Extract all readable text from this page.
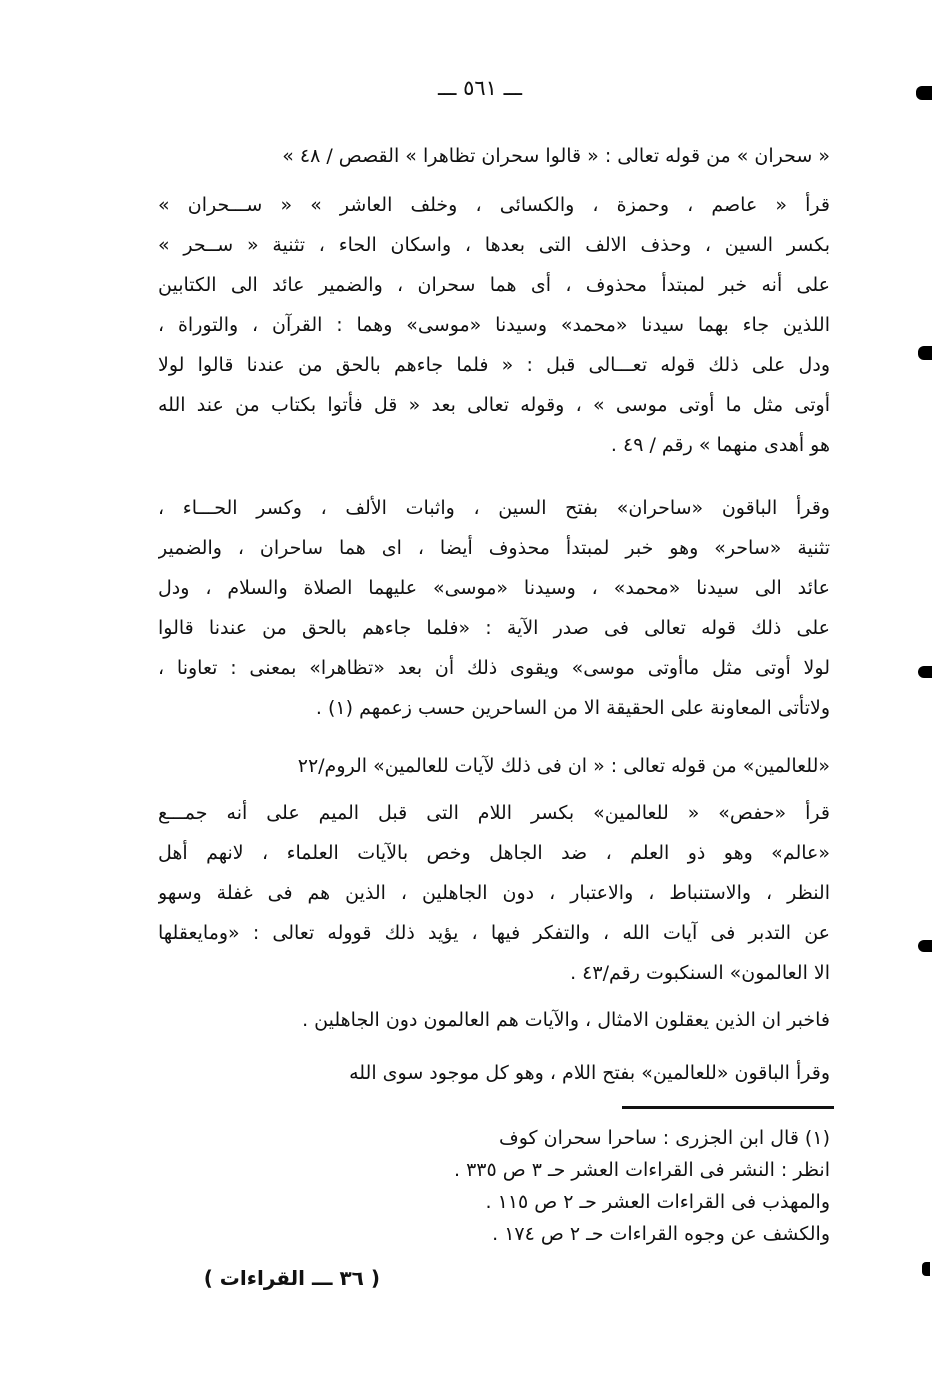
ـــ ٥٦١ ـــ
« سحران » من قوله تعالى : « قالوا سحران تظاهرا » القصص / ٤٨ »
قرأ « عاصم ، وحمزة ، والكسائى ، وخلف العاشر » « ســـحران »
بكسر السين ، وحذف الالف التى بعدها ، واسكان الحاء ، تثنية « ســحر »
على أنه خبر لمبتدأ محذوف ، أى هما سحران ، والضمير عائد الى الكتابين
اللذين جاء بهما سيدنا «محمد» وسيدنا «موسى» وهما : القرآن ، والتوراة ،
ودل على ذلك قوله تعـــالى قبل : « فلما جاءهم بالحق من عندنا قالوا لولا
أوتى مثل ما أوتى موسى » ، وقوله تعالى بعد « قل فأتوا بكتاب من عند الله
هو أهدى منهما » رقم / ٤٩ .
وقرأ الباقون «ساحران» بفتح السين ، واثبات الألف ، وكسر الحـــاء ،
تثنية «ساحر» وهو خبر لمبتدأ محذوف أيضا ، اى هما ساحران ، والضمير
عائد الى سيدنا «محمد» ، وسيدنا «موسى» عليهما الصلاة والسلام ، ودل
على ذلك قوله تعالى فى صدر الآية : «فلما جاءهم بالحق من عندنا قالوا
لولا أوتى مثل ماأوتى موسى» ويقوى ذلك أن بعد «تظاهرا» بمعنى : تعاونا ،
ولاتأتى المعاونة على الحقيقة الا من الساحرين حسب زعمهم (١) .
«للعالمين» من قوله تعالى : « ان فى ذلك لآيات للعالمين» الروم/٢٢
قرأ «حفص» « للعالمين» بكسر اللام التى قبل الميم على أنه جمـــع
«عالم» وهو ذو العلم ، ضد الجاهل وخص بالآيات العلماء ، لانهم أهل
النظر ، والاستنباط ، والاعتبار ، دون الجاهلين ، الذين هم فى غفلة وسهو
عن التدبر فى آيات الله ، والتفكر فيها ، يؤيد ذلك قووله تعالى : «ومايعقلها
الا العالمون» السنكبوت رقم/٤٣ .
فاخبر ان الذين يعقلون الامثال ، والآيات هم العالمون دون الجاهلين .
وقرأ الباقون «للعالمين» بفتح اللام ، وهو كل موجود سوى الله
(١) قال ابن الجزرى : ساحرا سحران كوف
انظر : النشر فى القراءات العشر حـ ٣ ص ٣٣٥ .
والمهذب فى القراءات العشر حـ ٢ ص ١١٥ .
والكشف عن وجوه القراءات حـ ٢ ص ١٧٤ .
( ٣٦ ـــ القراءات )
